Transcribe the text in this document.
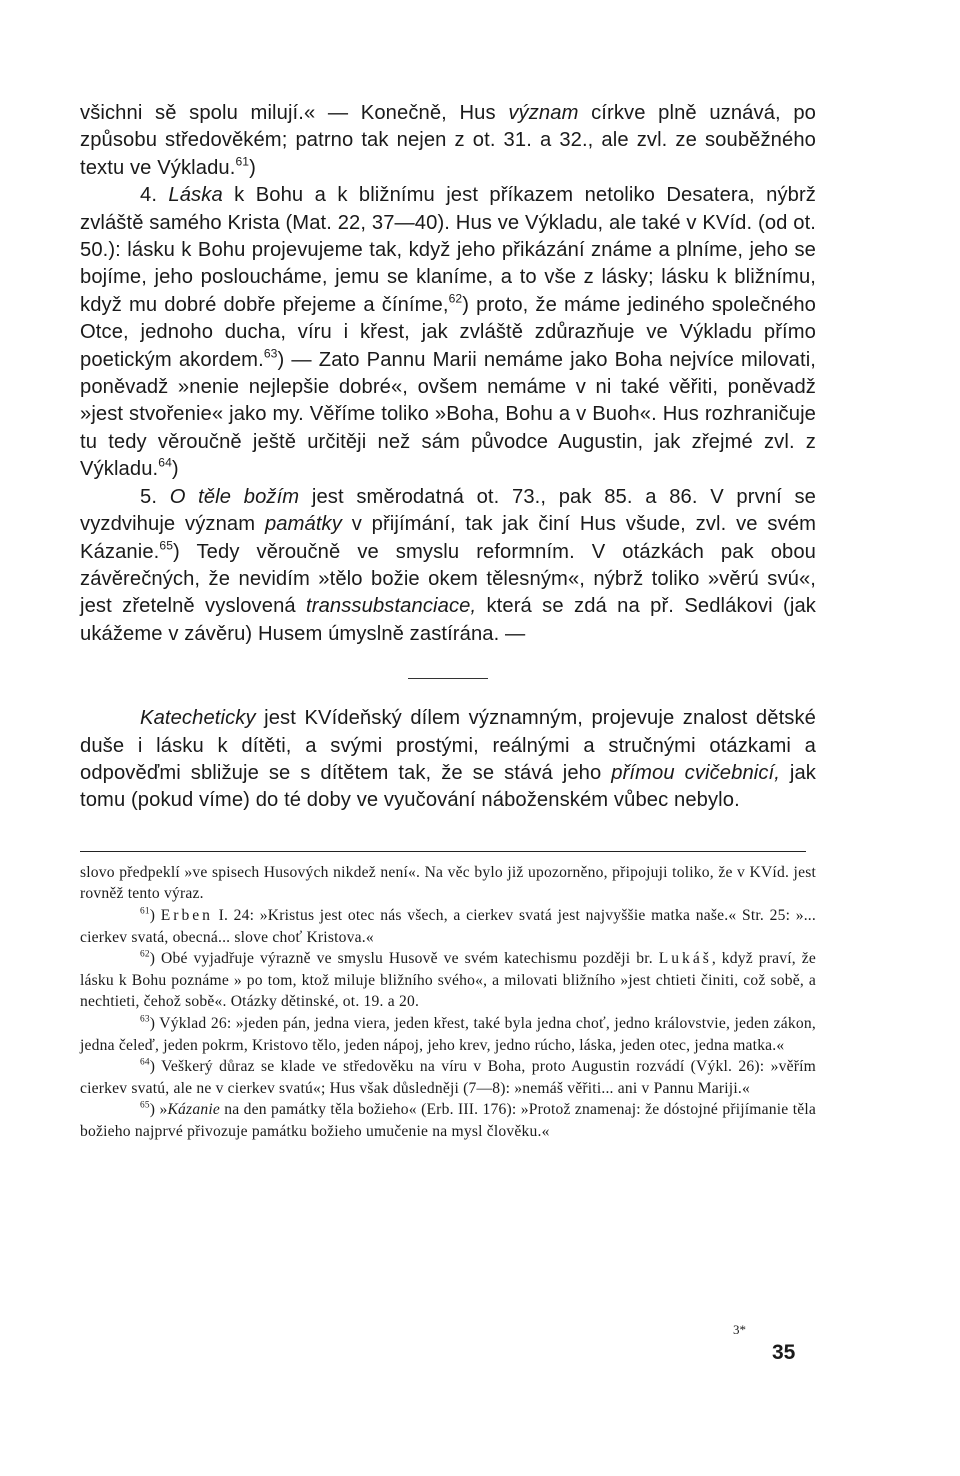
všichni sě spolu milují.« — Konečně, Hus význam církve plně uznává, po způsobu středověkém; patrno tak nejen z ot. 31. a 32., ale zvl. ze souběžného textu ve Výkladu.$^{61}$)

4. Láska k Bohu a k bližnímu jest příkazem netoliko Desatera, nýbrž zvláště samého Krista (Mat. 22, 37—40). Hus ve Výkladu, ale také v KVíd. (od ot. 50.): lásku k Bohu projevujeme tak, když jeho přikázání známe a plníme, jeho se bojíme, jeho posloucháme, jemu se klaníme, a to vše z lásky; lásku k bližnímu, když mu dobré dobře přejeme a číníme,$^{62}$) proto, že máme jediného společného Otce, jednoho ducha, víru i křest, jak zvláště zdůrazňuje ve Výkladu přímo poetickým akordem.$^{63}$) — Zato Pannu Marii nemáme jako Boha nejvíce milovati, poněvadž »nenie nejlepšie dobré«, ovšem nemáme v ni také věřiti, poněvadž »jest stvořenie« jako my. Věříme toliko »Boha, Bohu a v Buoh«. Hus rozhraničuje tu tedy věroučně ještě určitěji než sám původce Augustin, jak zřejmé zvl. z Výkladu.$^{64}$)

5. O těle božím jest směrodatná ot. 73., pak 85. a 86. V první se vyzdvihuje význam památky v přijímání, tak jak činí Hus všude, zvl. ve svém Kázanie.$^{65}$) Tedy věroučně ve smyslu reformním. V otázkách pak obou závěrečných, že nevidím »tělo božie okem tělesným«, nýbrž toliko »věrú svú«, jest zřetelně vyslovená transsubstanciace, která se zdá na př. Sedlákovi (jak ukážeme v závěru) Husem úmyslně zastírána. —

Katecheticky jest KVídeňský dílem významným, projevuje znalost dětské duše i lásku k dítěti, a svými prostými, reálnými a stručnými otázkami a odpověďmi sbližuje se s dítětem tak, že se stává jeho přímou cvičebnicí, jak tomu (pokud víme) do té doby ve vyučování náboženském vůbec nebylo.

slovo předpeklí »ve spisech Husových nikdež není«. Na věc bylo již upozorněno, připojuji toliko, že v KVíd. jest rovněž tento výraz.

$^{61}$) Erben I. 24: »Kristus jest otec nás všech, a cierkev svatá jest najvyššie matka naše.« Str. 25: »... cierkev svatá, obecná... slove choť Kristova.«

$^{62}$) Obé vyjadřuje výrazně ve smyslu Husově ve svém katechismu později br. Lukáš, když praví, že lásku k Bohu poznáme » po tom, ktož miluje bližního svého«, a milovati bližního »jest chtieti činiti, což sobě, a nechtieti, čehož sobě«. Otázky dětinské, ot. 19. a 20.

$^{63}$) Výklad 26: »jeden pán, jedna viera, jeden křest, také byla jedna choť, jedno královstvie, jeden zákon, jedna čeleď, jeden pokrm, Kristovo tělo, jeden nápoj, jeho krev, jedno rúcho, láska, jeden otec, jedna matka.«

$^{64}$) Veškerý důraz se klade ve středověku na víru v Boha, proto Augustin rozvádí (Výkl. 26): »věřím cierkev svatú, ale ne v cierkev svatú«; Hus však důsledněji (7—8): »nemáš věřiti... ani v Pannu Mariji.«

$^{65}$) »Kázanie na den památky těla božieho« (Erb. III. 176): »Protož znamenaj: že dóstojné přijímanie těla božieho najprvé přivozuje památku božieho umučenie na mysl člověku.«

3*
35
